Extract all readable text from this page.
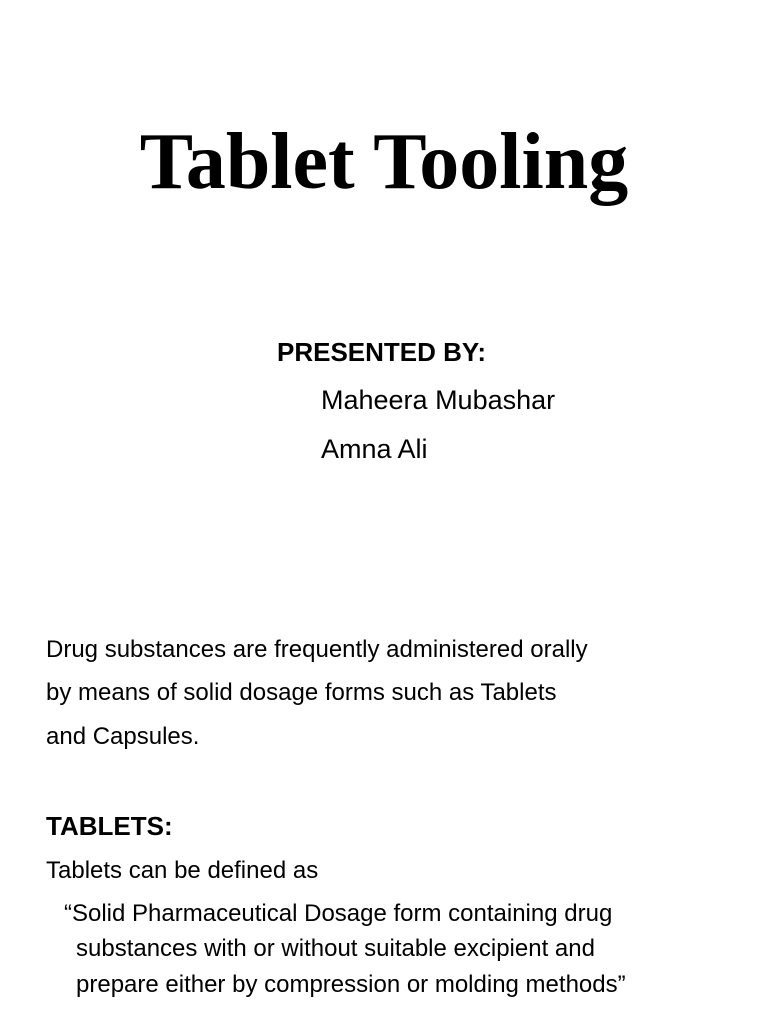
Tablet Tooling
PRESENTED BY:
Maheera Mubashar
Amna Ali
Drug substances are frequently administered orally
by means of solid dosage forms such as Tablets
and Capsules.
TABLETS:
Tablets can be defined as
“Solid Pharmaceutical Dosage form containing drug
substances with or without suitable excipient and
prepare either by compression or molding methods”
